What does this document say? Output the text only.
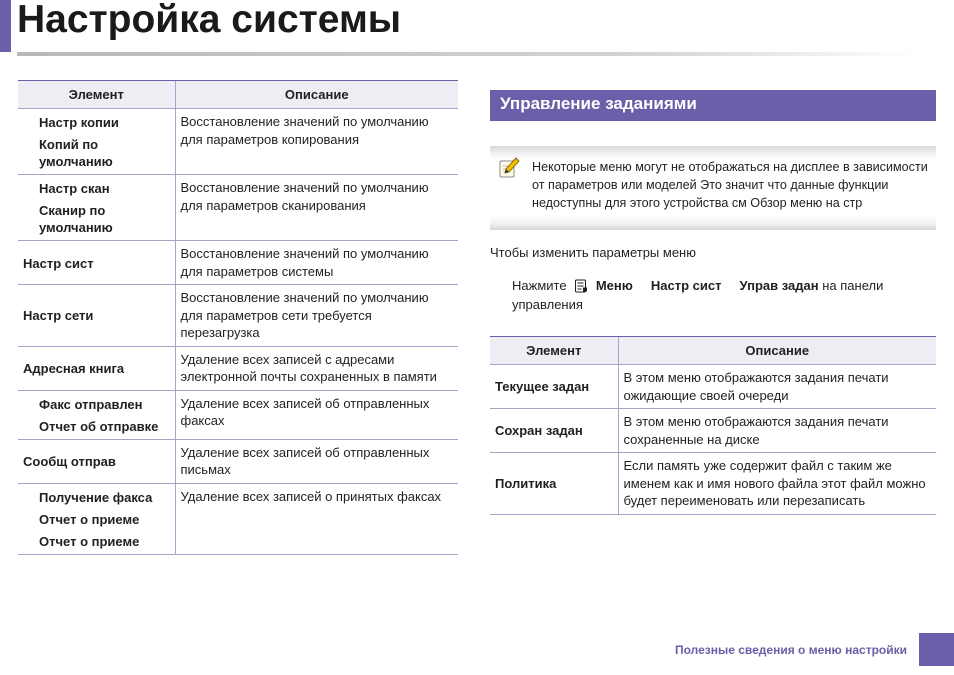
Настройка системы
Элемент	Описание

Настр копии
Копий по умолчанию	Восстановление значений по умолчанию для параметров копирования

Настр скан
Сканир по умолчанию	Восстановление значений по умолчанию для параметров сканирования

Настр сист	Восстановление значений по умолчанию для параметров системы

Настр сети	Восстановление значений по умолчанию для параметров сети требуется перезагрузка

Адресная книга	Удаление всех записей с адресами электронной почты сохраненных в памяти

Факс отправлен
Отчет об отправке	Удаление всех записей об отправленных факсах

Сообщ отправ	Удаление всех записей об отправленных письмах

Получение факса
Отчет о приеме
Отчет о приеме	Удаление всех записей о принятых факсах
Управление заданиями
Некоторые меню могут не отображаться на дисплее в зависимости от параметров или моделей Это значит что данные функции недоступны для этого устройства см Обзор меню на стр
Чтобы изменить параметры меню
Нажмите Меню Настр сист Управ задан на панели управления
Элемент	Описание
Текущее задан	В этом меню отображаются задания печати ожидающие своей очереди
Сохран задан	В этом меню отображаются задания печати сохраненные на диске
Политика	Если память уже содержит файл с таким же именем как и имя нового файла этот файл можно будет переименовать или перезаписать
Полезные сведения о меню настройки
